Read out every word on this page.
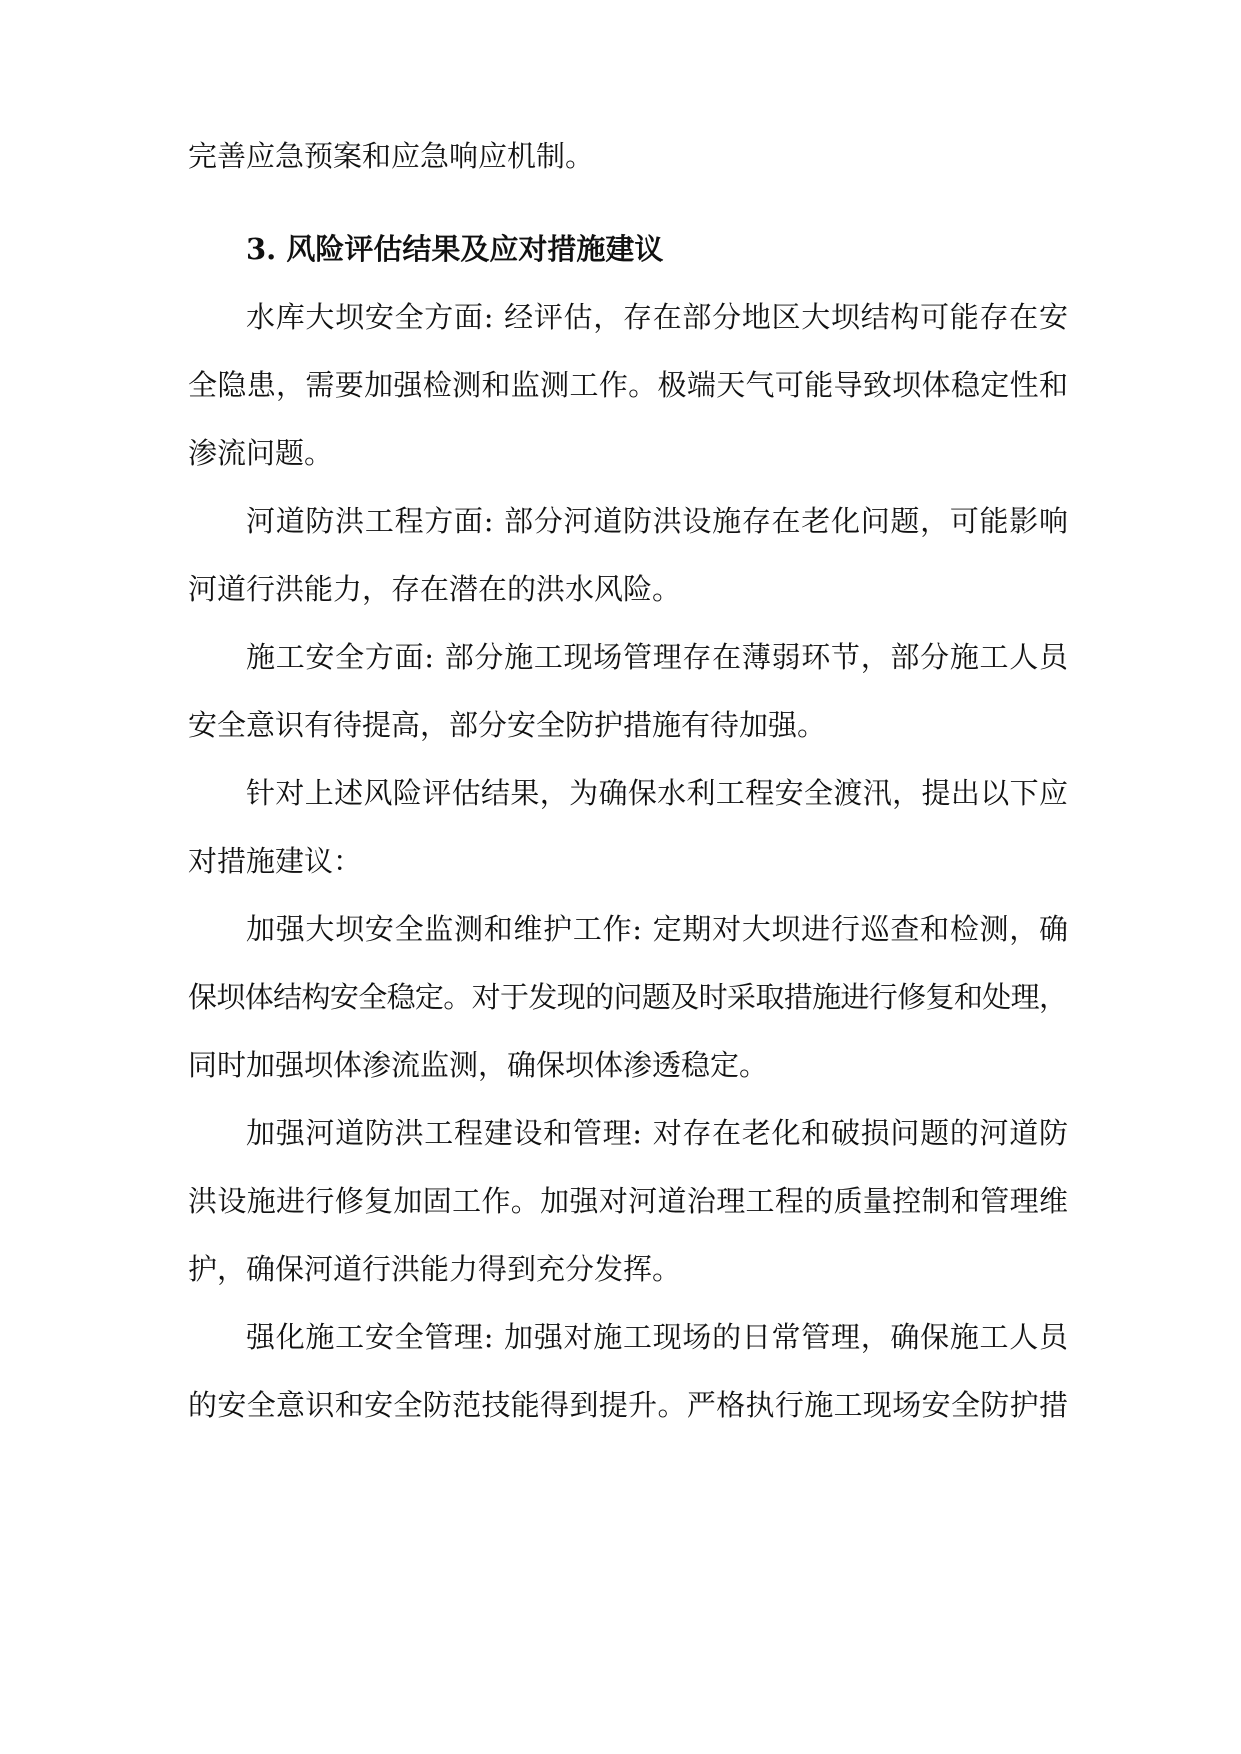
完善应急预案和应急响应机制。
3. 风险评估结果及应对措施建议
水库大坝安全方面: 经评估，存在部分地区大坝结构可能存在安
全隐患，需要加强检测和监测工作。极端天气可能导致坝体稳定性和
渗流问题。
河道防洪工程方面: 部分河道防洪设施存在老化问题，可能影响
河道行洪能力，存在潜在的洪水风险。
施工安全方面: 部分施工现场管理存在薄弱环节，部分施工人员
安全意识有待提高，部分安全防护措施有待加强。
针对上述风险评估结果，为确保水利工程安全渡汛，提出以下应
对措施建议：
加强大坝安全监测和维护工作: 定期对大坝进行巡查和检测，确
保坝体结构安全稳定。对于发现的问题及时采取措施进行修复和处理，
同时加强坝体渗流监测，确保坝体渗透稳定。
加强河道防洪工程建设和管理: 对存在老化和破损问题的河道防
洪设施进行修复加固工作。加强对河道治理工程的质量控制和管理维
护，确保河道行洪能力得到充分发挥。
强化施工安全管理: 加强对施工现场的日常管理，确保施工人员
的安全意识和安全防范技能得到提升。严格执行施工现场安全防护措
